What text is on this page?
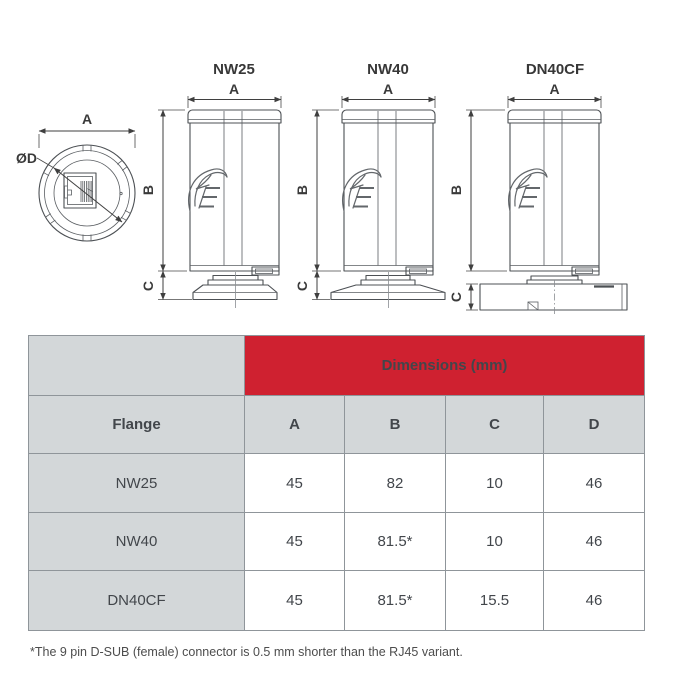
A
ØD
NW25
A
B
C
NW40
A
B
C
DN40CF
A
B
C
	Dimensions (mm)			
Flange	A	B	C	D
NW25	45	82	10	46
NW40	45	81.5*	10	46
DN40CF	45	81.5*	15.5	46
*The 9 pin D-SUB (female) connector is 0.5 mm shorter than the RJ45 variant.
